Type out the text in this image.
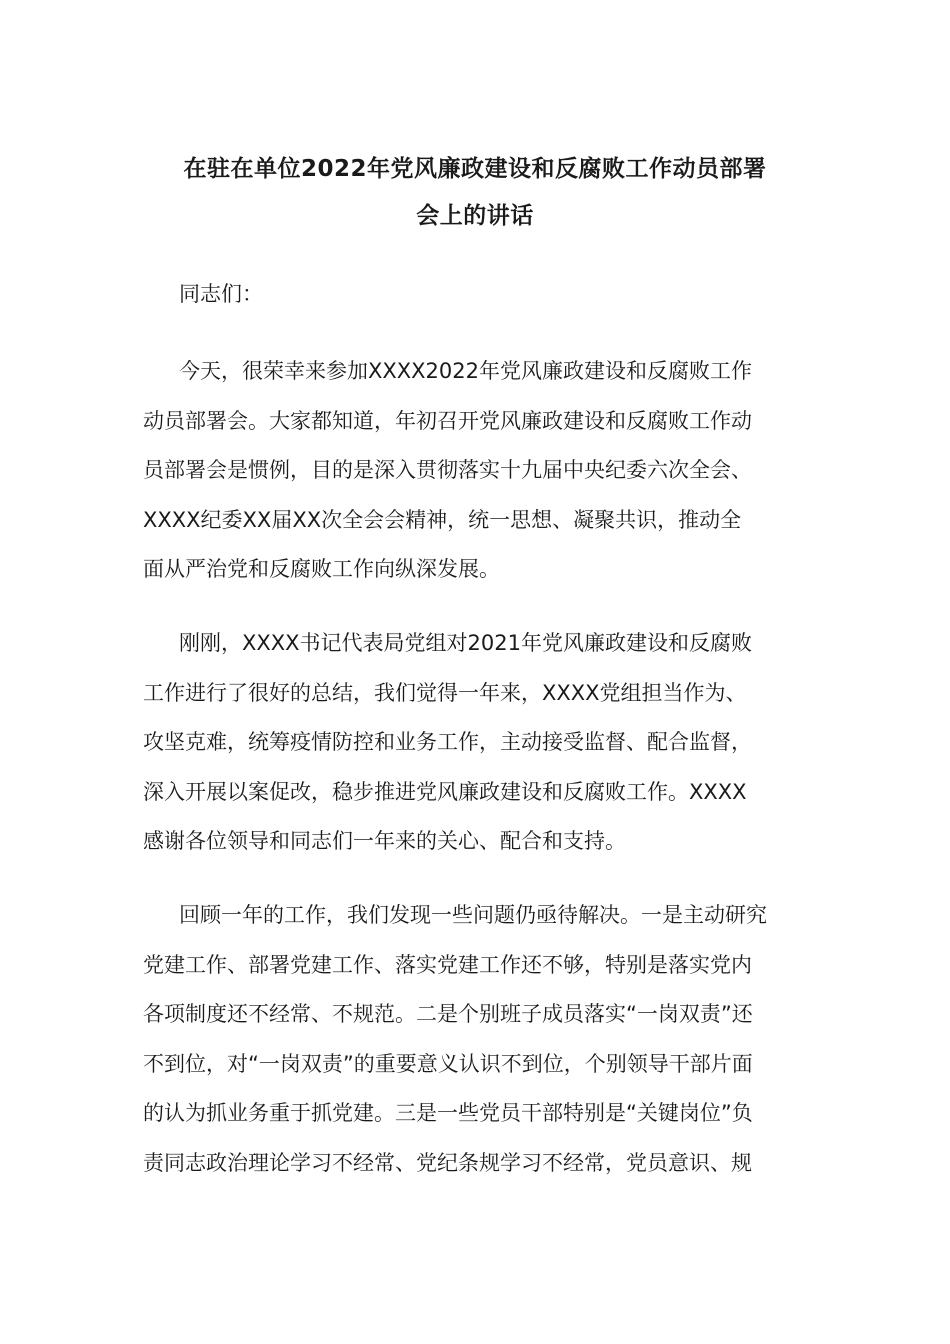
在驻在单位2022年党风廉政建设和反腐败工作动员部署
会上的讲话

同志们：

今天，很荣幸来参加XXXX2022年党风廉政建设和反腐败工作
动员部署会。大家都知道，年初召开党风廉政建设和反腐败工作动
员部署会是惯例，目的是深入贯彻落实十九届中央纪委六次全会、
XXXX纪委XX届XX次全会会精神，统一思想、凝聚共识，推动全
面从严治党和反腐败工作向纵深发展。
刚刚，XXXX书记代表局党组对2021年党风廉政建设和反腐败
工作进行了很好的总结，我们觉得一年来，XXXX党组担当作为、
攻坚克难，统筹疫情防控和业务工作，主动接受监督、配合监督，
深入开展以案促改，稳步推进党风廉政建设和反腐败工作。XXXX
感谢各位领导和同志们一年来的关心、配合和支持。
回顾一年的工作，我们发现一些问题仍亟待解决。一是主动研究
党建工作、部署党建工作、落实党建工作还不够，特别是落实党内
各项制度还不经常、不规范。二是个别班子成员落实“一岗双责”还
不到位，对“一岗双责”的重要意义认识不到位，个别领导干部片面
的认为抓业务重于抓党建。三是一些党员干部特别是“关键岗位”负
责同志政治理论学习不经常、党纪条规学习不经常，党员意识、规
